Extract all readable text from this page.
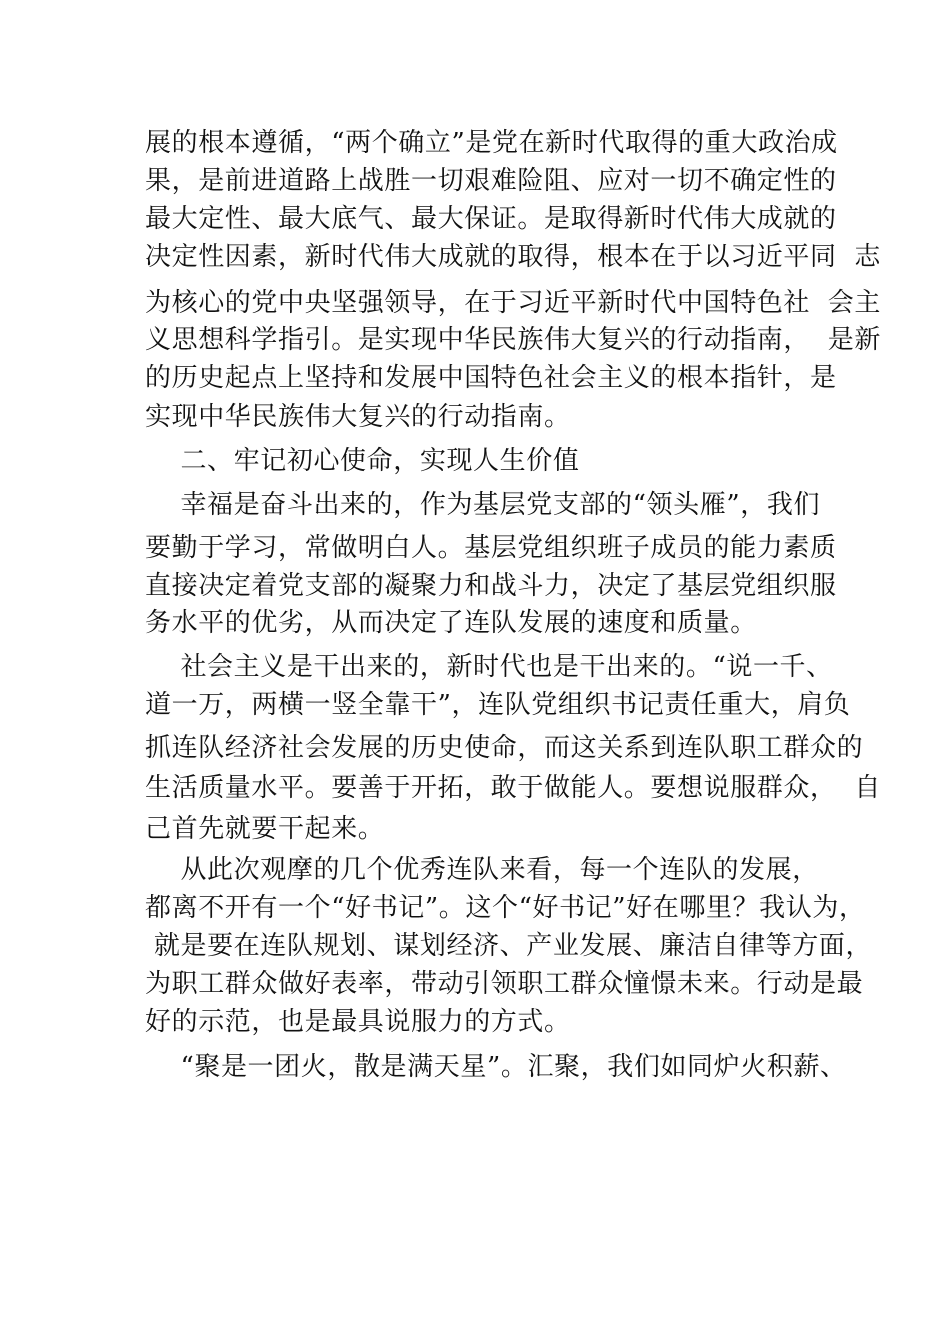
展的根本遵循，“两个确立”是党在新时代取得的重大政治成
果，是前进道路上战胜一切艰难险阻、应对一切不确定性的
最大定性、最大底气、最大保证。是取得新时代伟大成就的
决定性因素，新时代伟大成就的取得，根本在于以习近平同  志
为核心的党中央坚强领导，在于习近平新时代中国特色社  会主
义思想科学指引。是实现中华民族伟大复兴的行动指南，  是新
的历史起点上坚持和发展中国特色社会主义的根本指针，是
实现中华民族伟大复兴的行动指南。
二、牢记初心使命，实现人生价值
幸福是奋斗出来的，作为基层党支部的“领头雁”，我们
要勤于学习，常做明白人。基层党组织班子成员的能力素质
直接决定着党支部的凝聚力和战斗力，决定了基层党组织服
务水平的优劣，从而决定了连队发展的速度和质量。
社会主义是干出来的，新时代也是干出来的。“说一千、
道一万，两横一竖全靠干”，连队党组织书记责任重大，肩负
抓连队经济社会发展的历史使命，而这关系到连队职工群众的
生活质量水平。要善于开拓，敢于做能人。要想说服群众，  自
己首先就要干起来。
从此次观摩的几个优秀连队来看，每一个连队的发展，
都离不开有一个“好书记”。这个“好书记”好在哪里？我认为，
就是要在连队规划、谋划经济、产业发展、廉洁自律等方面，
为职工群众做好表率，带动引领职工群众憧憬未来。行动是最
好的示范，也是最具说服力的方式。
“聚是一团火，散是满天星”。汇聚，我们如同炉火积薪、
